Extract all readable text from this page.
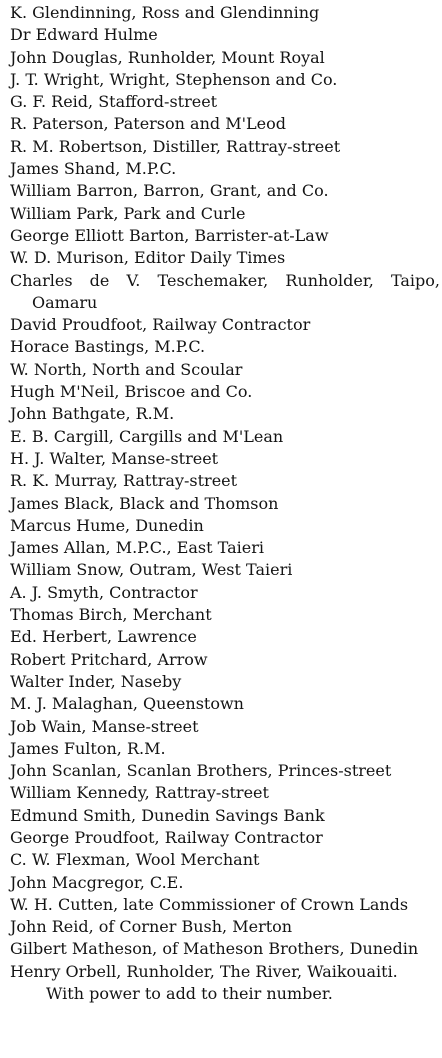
K. Glendinning, Ross and Glendinning

Dr Edward Hulme

John Douglas, Runholder, Mount Royal

J. T. Wright, Wright, Stephenson and Co.

G. F. Reid, Stafford-street

R. Paterson, Paterson and M'Leod

R. M. Robertson, Distiller, Rattray-street

James Shand, M.P.C.

William Barron, Barron, Grant, and Co.

William Park, Park and Curle

George Elliott Barton, Barrister-at-Law

W. D. Murison, Editor Daily Times

Charles de V. Teschemaker, Runholder, Taipo, Oamaru

David Proudfoot, Railway Contractor

Horace Bastings, M.P.C.

W. North, North and Scoular

Hugh M'Neil, Briscoe and Co.

John Bathgate, R.M.

E. B. Cargill, Cargills and M'Lean

H. J. Walter, Manse-street

R. K. Murray, Rattray-street

James Black, Black and Thomson

Marcus Hume, Dunedin

James Allan, M.P.C., East Taieri

William Snow, Outram, West Taieri

A. J. Smyth, Contractor

Thomas Birch, Merchant

Ed. Herbert, Lawrence

Robert Pritchard, Arrow

Walter Inder, Naseby

M. J. Malaghan, Queenstown

Job Wain, Manse-street

James Fulton, R.M.

John Scanlan, Scanlan Brothers, Princes-street

William Kennedy, Rattray-street

Edmund Smith, Dunedin Savings Bank

George Proudfoot, Railway Contractor

C. W. Flexman, Wool Merchant

John Macgregor, C.E.

W. H. Cutten, late Commissioner of Crown Lands

John Reid, of Corner Bush, Merton

Gilbert Matheson, of Matheson Brothers, Dunedin

Henry Orbell, Runholder, The River, Waikouaiti.

With power to add to their number.
